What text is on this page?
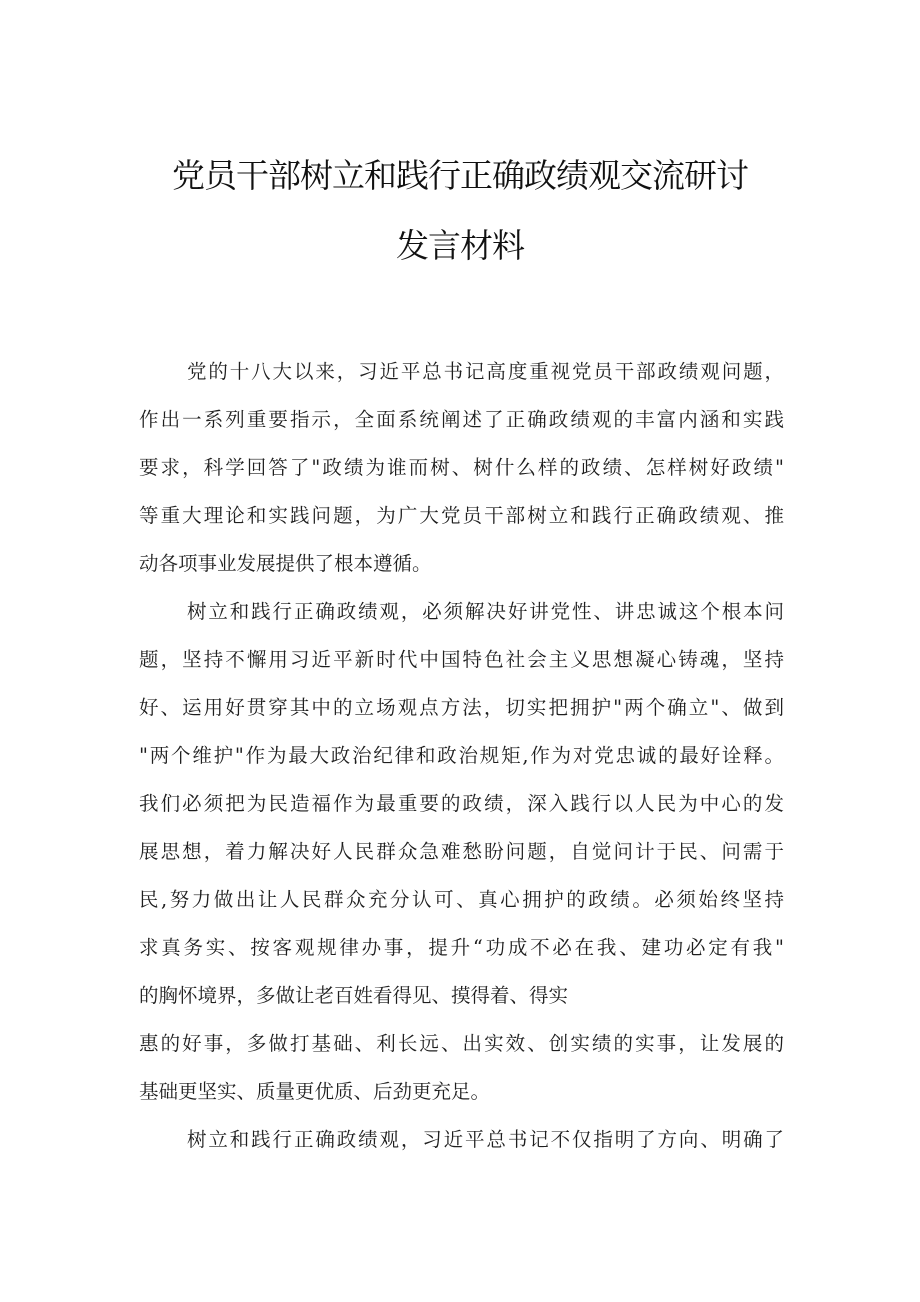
党员干部树立和践行正确政绩观交流研讨
发言材料
党的十八大以来，习近平总书记高度重视党员干部政绩观问题，
作出一系列重要指示，全面系统阐述了正确政绩观的丰富内涵和实践
要求，科学回答了"政绩为谁而树、树什么样的政绩、怎样树好政绩"
等重大理论和实践问题，为广大党员干部树立和践行正确政绩观、推
动各项事业发展提供了根本遵循。
树立和践行正确政绩观，必须解决好讲党性、讲忠诚这个根本问
题，坚持不懈用习近平新时代中国特色社会主义思想凝心铸魂，坚持
好、运用好贯穿其中的立场观点方法，切实把拥护"两个确立"、做到
"两个维护"作为最大政治纪律和政治规矩,作为对党忠诚的最好诠释。
我们必须把为民造福作为最重要的政绩，深入践行以人民为中心的发
展思想，着力解决好人民群众急难愁盼问题，自觉问计于民、问需于
民,努力做出让人民群众充分认可、真心拥护的政绩。必须始终坚持
求真务实、按客观规律办事，提升“功成不必在我、建功必定有我"
的胸怀境界，多做让老百姓看得见、摸得着、得实
惠的好事，多做打基础、利长远、出实效、创实绩的实事，让发展的
基础更坚实、质量更优质、后劲更充足。
树立和践行正确政绩观，习近平总书记不仅指明了方向、明确了
